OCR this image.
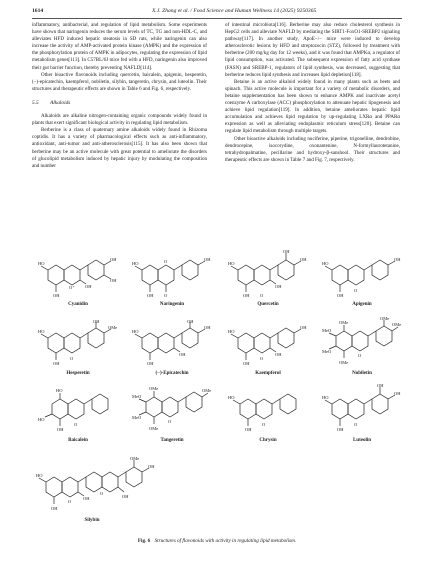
1614	X.J. Zhang et al. / Food Science and Human Wellness 14 (2025) 9250365

inflammatory, antibacterial, and regulation of lipid metabolism. Some experiments have shown that naringenin reduces the serum levels of TC, TG and non-HDL-C, and alleviates HFD induced hepatic steatosis in SD rats, while naringenin can also increase the activity of AMP-activated protein kinase (AMPK) and the expression of the phosphorylation protein of AMPK in adipocytes, regulating the expression of lipid metabolism genes[113]. In C57BL/6J mice fed with a HFD, naringenin also improved their gut barrier function, thereby preventing NAFLD[114].

Other bioactive flavonoids including quercetin, baicalein, apigenin, hesperetin, (−)-epicatechin, kaempferol, nobiletin, silybin, tangeretin, chrysin, and luteolin. Their structures and therapeutic effects are shown in Table 6 and Fig. 6, respectively.

5.5 Alkaloids

Alkaloids are alkaline nitrogen-containing organic compounds widely found in plants that exert significant biological activity in regulating lipid metabolism.

Berberine is a class of quaternary amine alkaloids widely found in Rhizoma coptidis. It has a variety of pharmacological effects such as anti-inflammatory, antioxidant, anti-tumor and anti-atherosclerosis[115]. It has also been shown that berberine may be an active molecule with great potential to ameliorate the disorders of glucolipid metabolism induced by hepatic injury by modulating the composition and number

of intestinal microbiota[116]. Berberine may also reduce cholesterol synthesis in HepG2 cells and alleviate NAFLD by mediating the SIRT1-FoxO1-SREBP2 signaling pathway[117]. In another study, ApoE−/− mice were induced to develop atherosclerotic lesions by HFD and streptozocin (STZ), followed by treatment with berberine (200 mg/kg day for 12 weeks), and it was found that AMPKα, a regulator of lipid consumption, was activated. The subsequent expression of fatty acid synthase (FASN) and SREBP-1, regulators of lipid synthesis, was decreased, suggesting that berberine reduces lipid synthesis and increases lipid depletion[118].

Betaine is an active alkaloid widely found in many plants such as beets and spinach. This active molecule is important for a variety of metabolic disorders, and betaine supplementation has been shown to enhance AMPK and inactivate acetyl coenzyme A carboxylase (ACC) phosphorylation to attenuate hepatic lipogenesis and achieve lipid regulation[119]. In addition, betaine ameliorates hepatic lipid accumulation and achieves lipid regulation by up-regulating LXRα and PPARα expression as well as alleviating endoplasmic reticulum stress[120]. Betaine can regulate lipid metabolism through multiple targets.

Other bioactive alkaloids including nuciferine, piperine, trigonelline, dendrobine, dendrocepine, isocorydine, oxonantenine, N-formyllaurotetanine, tetrahydropalmatine, pecillarine and hydroxy-β-sanshool. Their structures and therapeutic effects are shown in Table 7 and Fig. 7, respectively.

HO
OH
OH
OH
OH
O⁺
Cyanidin
HO
OH
OH O
O
Naringenin
HO
OH
OH
OH
OH
O
Quercetin
HO
OH
OH
O
Apigenin
HO
OMe
OH
OH
O
Hesperetin
HO
OH
OH
OH
OH
(−)-Epicatechin
HO
OH
OH
OH
O
Kaempferol
OMe
MeO
MeO
OMe
OMe
OMe
O
Nobiletin
HO
HO
OH
O
Baicalein
OMe
MeO
MeO
OMe
OMe
O
Tangeretin
HO
OH
O
Chrysin
HO
OH
OH
OH
O
Luteolin
HO
OH
OMe
OH
OH	OH
O
O
Silybin
Fig. 6 Structures of flavonoids with activity in regulating lipid metabolism.
